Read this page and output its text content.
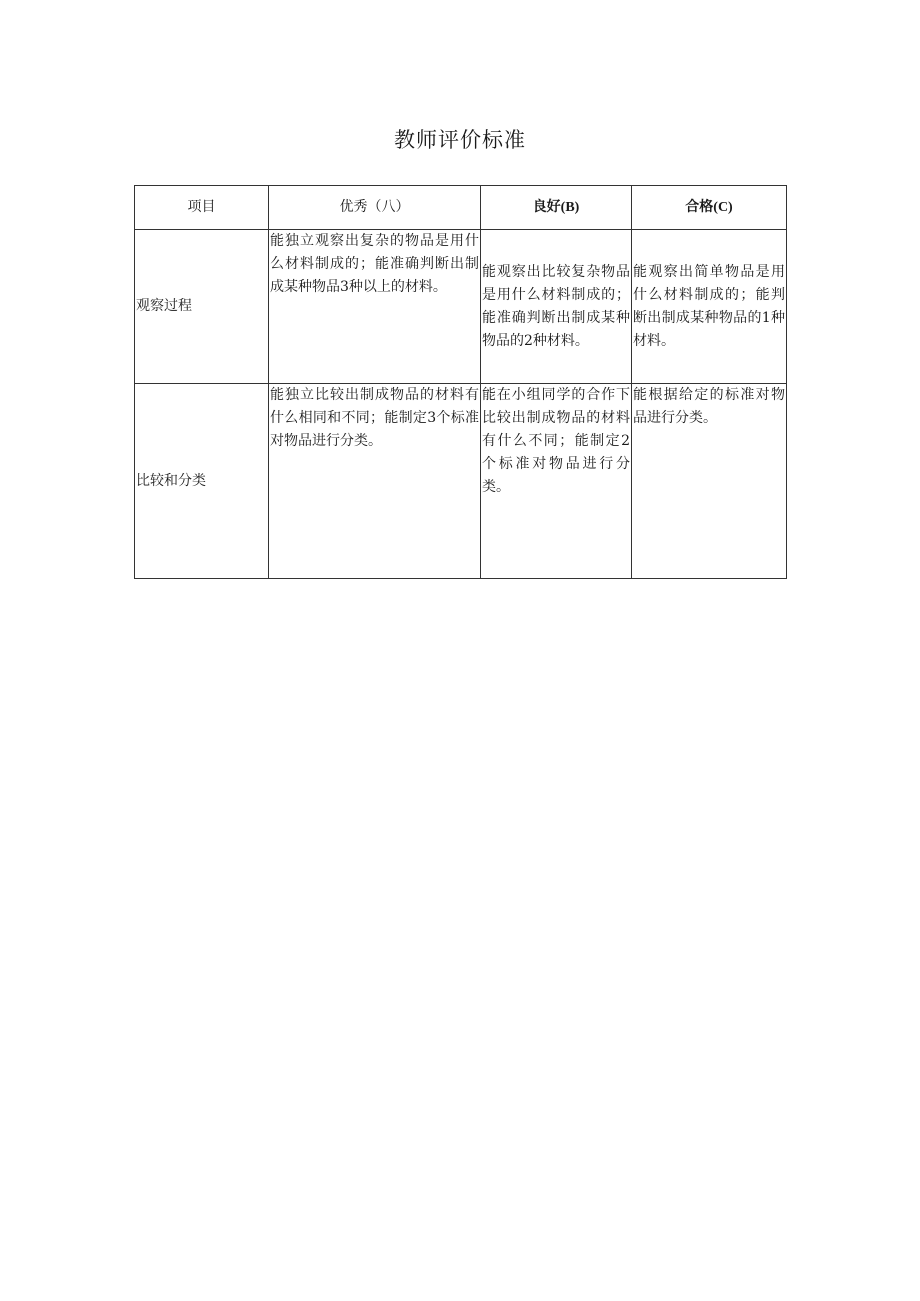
教师评价标准
项目	优秀（八）	良好(B)	合格(C)
观察过程	能独立观察出复杂的物品是用什么材料制成的；能准确判断出制成某种物品3种以上的材料。	能观察出比较复杂物品是用什么材料制成的；能准确判断出制成某种物品的2种材料。	能观察出简单物品是用什么材料制成的；能判断出制成某种物品的1种材料。
比较和分类	能独立比较出制成物品的材料有什么相同和不同；能制定3个标准对物品进行分类。	能在小组同学的合作下比较出制成物品的材料有什么不同；能制定2个标准对物品进行分类。	能根据给定的标准对物品进行分类。
